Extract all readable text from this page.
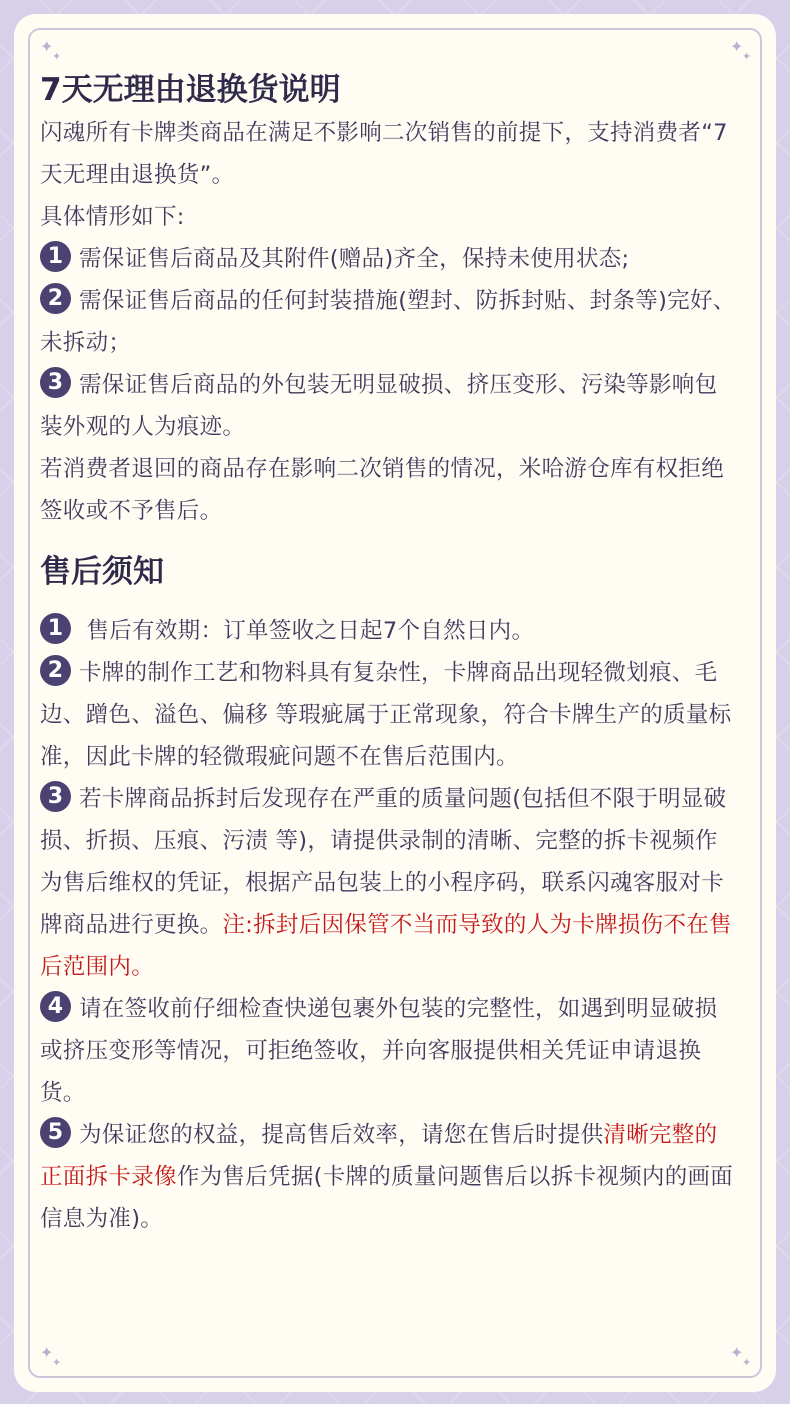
✦
✦
✦
✦
✦
✦
✦
✦
7天无理由退换货说明

闪魂所有卡牌类商品在满足不影响二次销售的前提下，支持消费者“7天无理由退换货”。

具体情形如下:

1 需保证售后商品及其附件(赠品)齐全，保持未使用状态;

2 需保证售后商品的任何封装措施(塑封、防拆封贴、封条等)完好、未拆动；

3 需保证售后商品的外包装无明显破损、挤压变形、污染等影响包装外观的人为痕迹。

若消费者退回的商品存在影响二次销售的情况，米哈游仓库有权拒绝签收或不予售后。

售后须知

1 售后有效期：订单签收之日起7个自然日内。

2 卡牌的制作工艺和物料具有复杂性，卡牌商品出现轻微划痕、毛边、蹭色、溢色、偏移 等瑕疵属于正常现象，符合卡牌生产的质量标准，因此卡牌的轻微瑕疵问题不在售后范围内。

3 若卡牌商品拆封后发现存在严重的质量问题(包括但不限于明显破损、折损、压痕、污渍 等)，请提供录制的清晰、完整的拆卡视频作为售后维权的凭证，根据产品包装上的小程序码，联系闪魂客服对卡牌商品进行更换。注:拆封后因保管不当而导致的人为卡牌损伤不在售后范围内。

4 请在签收前仔细检查快递包裹外包装的完整性，如遇到明显破损或挤压变形等情况，可拒绝签收，并向客服提供相关凭证申请退换货。

5 为保证您的权益，提高售后效率，请您在售后时提供清晰完整的正面拆卡录像作为售后凭据(卡牌的质量问题售后以拆卡视频内的画面信息为准)。
